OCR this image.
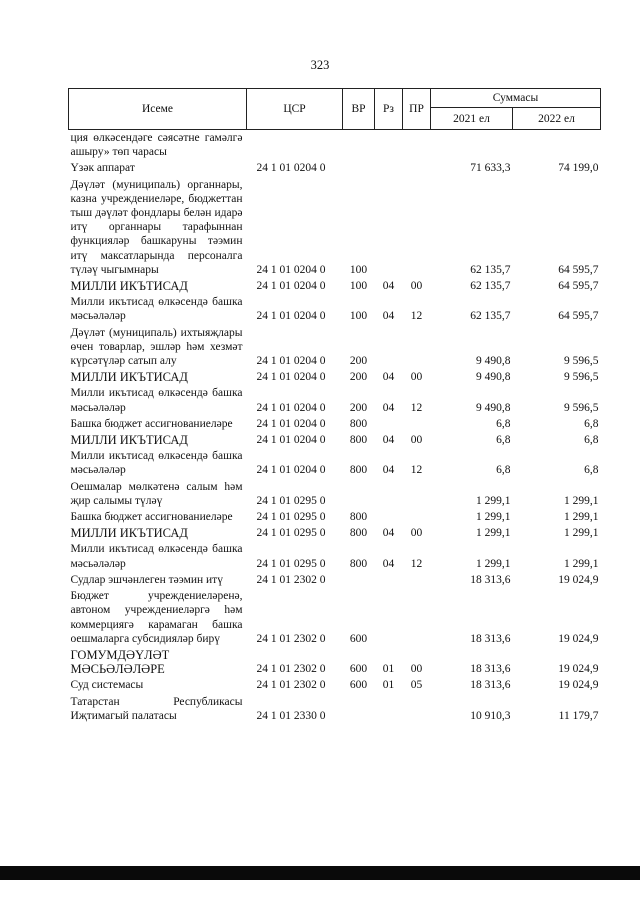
323
Исеме	ЦСР	ВР	Рз	ПР	Суммасы	
					2021 ел	2022 ел
ция өлкәсендәге сәясәтне гамәлгә ашыру» төп чарасы						
Үзәк аппарат	24 1 01 0204 0				71 633,3	74 199,0
Дәүләт (муниципаль) органнары, казна учреждениеләре, бюджеттан тыш дәүләт фондлары белән идарә итү органнары тарафыннан функцияләр башкаруны тәэмин итү максатларында персоналга түләү чыгымнары	24 1 01 0204 0	100			62 135,7	64 595,7
МИЛЛИ ИКЪТИСАД	24 1 01 0204 0	100	04	00	62 135,7	64 595,7
Милли икътисад өлкәсендә башка мәсьәләләр	24 1 01 0204 0	100	04	12	62 135,7	64 595,7
Дәүләт (муниципаль) ихтыяҗлары өчен товарлар, эшләр һәм хезмәт күрсәтүләр сатып алу	24 1 01 0204 0	200			9 490,8	9 596,5
МИЛЛИ ИКЪТИСАД	24 1 01 0204 0	200	04	00	9 490,8	9 596,5
Милли икътисад өлкәсендә башка мәсьәләләр	24 1 01 0204 0	200	04	12	9 490,8	9 596,5
Башка бюджет ассигнованиеләре	24 1 01 0204 0	800			6,8	6,8
МИЛЛИ ИКЪТИСАД	24 1 01 0204 0	800	04	00	6,8	6,8
Милли икътисад өлкәсендә башка мәсьәләләр	24 1 01 0204 0	800	04	12	6,8	6,8
Оешмалар мөлкәтенә салым һәм җир салымы түләү	24 1 01 0295 0				1 299,1	1 299,1
Башка бюджет ассигнованиеләре	24 1 01 0295 0	800			1 299,1	1 299,1
МИЛЛИ ИКЪТИСАД	24 1 01 0295 0	800	04	00	1 299,1	1 299,1
Милли икътисад өлкәсендә башка мәсьәләләр	24 1 01 0295 0	800	04	12	1 299,1	1 299,1
Судлар эшчәнлеген тәэмин итү	24 1 01 2302 0				18 313,6	19 024,9
Бюджет учреждениеләренә, автоном учреждениеләргә һәм коммерциягә карамаган башка оешмаларга субсидияләр бирү	24 1 01 2302 0	600			18 313,6	19 024,9
ГОМУМДӘҮЛӘТ МӘСЬӘЛӘЛӘРЕ	24 1 01 2302 0	600	01	00	18 313,6	19 024,9
Суд системасы	24 1 01 2302 0	600	01	05	18 313,6	19 024,9
Татарстан Республикасы Иҗтимагый палатасы	24 1 01 2330 0				10 910,3	11 179,7
